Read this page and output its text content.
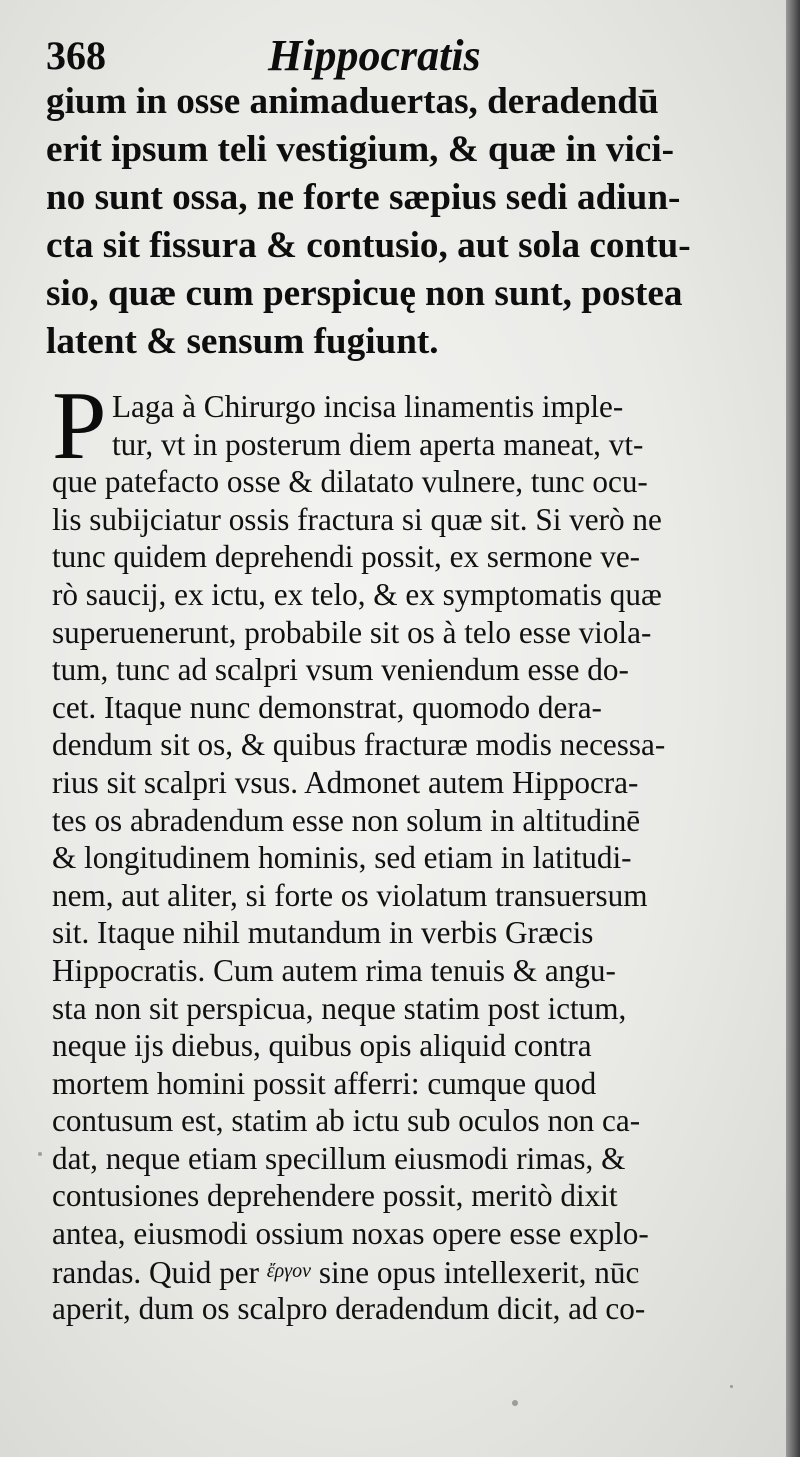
368	Hippocratis
gium in osse animaduertas, deradendū
erit ipsum teli vestigium, & quæ in vici-
no sunt ossa, ne forte sæpius sedi adiun-
cta sit fissura & contusio, aut sola contu-
sio, quæ cum perspicuę non sunt, postea
latent & sensum fugiunt.
P Laga à Chirurgo incisa linamentis imple-
tur, vt in posterum diem aperta maneat, vt-
que patefacto osse & dilatato vulnere, tunc ocu-
lis subijciatur ossis fractura si quæ sit. Si verò ne
tunc quidem deprehendi possit, ex sermone ve-
rò saucij, ex ictu, ex telo, & ex symptomatis quæ
superuenerunt, probabile sit os à telo esse viola-
tum, tunc ad scalpri vsum veniendum esse do-
cet. Itaque nunc demonstrat, quomodo dera-
dendum sit os, & quibus fracturæ modis necessa-
rius sit scalpri vsus. Admonet autem Hippocra-
tes os abradendum esse non solum in altitudinē
& longitudinem hominis, sed etiam in latitudi-
nem, aut aliter, si forte os violatum transuersum
sit. Itaque nihil mutandum in verbis Græcis
Hippocratis. Cum autem rima tenuis & angu-
sta non sit perspicua, neque statim post ictum,
neque ijs diebus, quibus opis aliquid contra
mortem homini possit afferri: cumque quod
contusum est, statim ab ictu sub oculos non ca-
dat, neque etiam specillum eiusmodi rimas, &
contusiones deprehendere possit, meritò dixit
antea, eiusmodi ossium noxas opere esse explo-
randas. Quid per ἔργον sine opus intellexerit, nūc
aperit, dum os scalpro deradendum dicit, ad co-
